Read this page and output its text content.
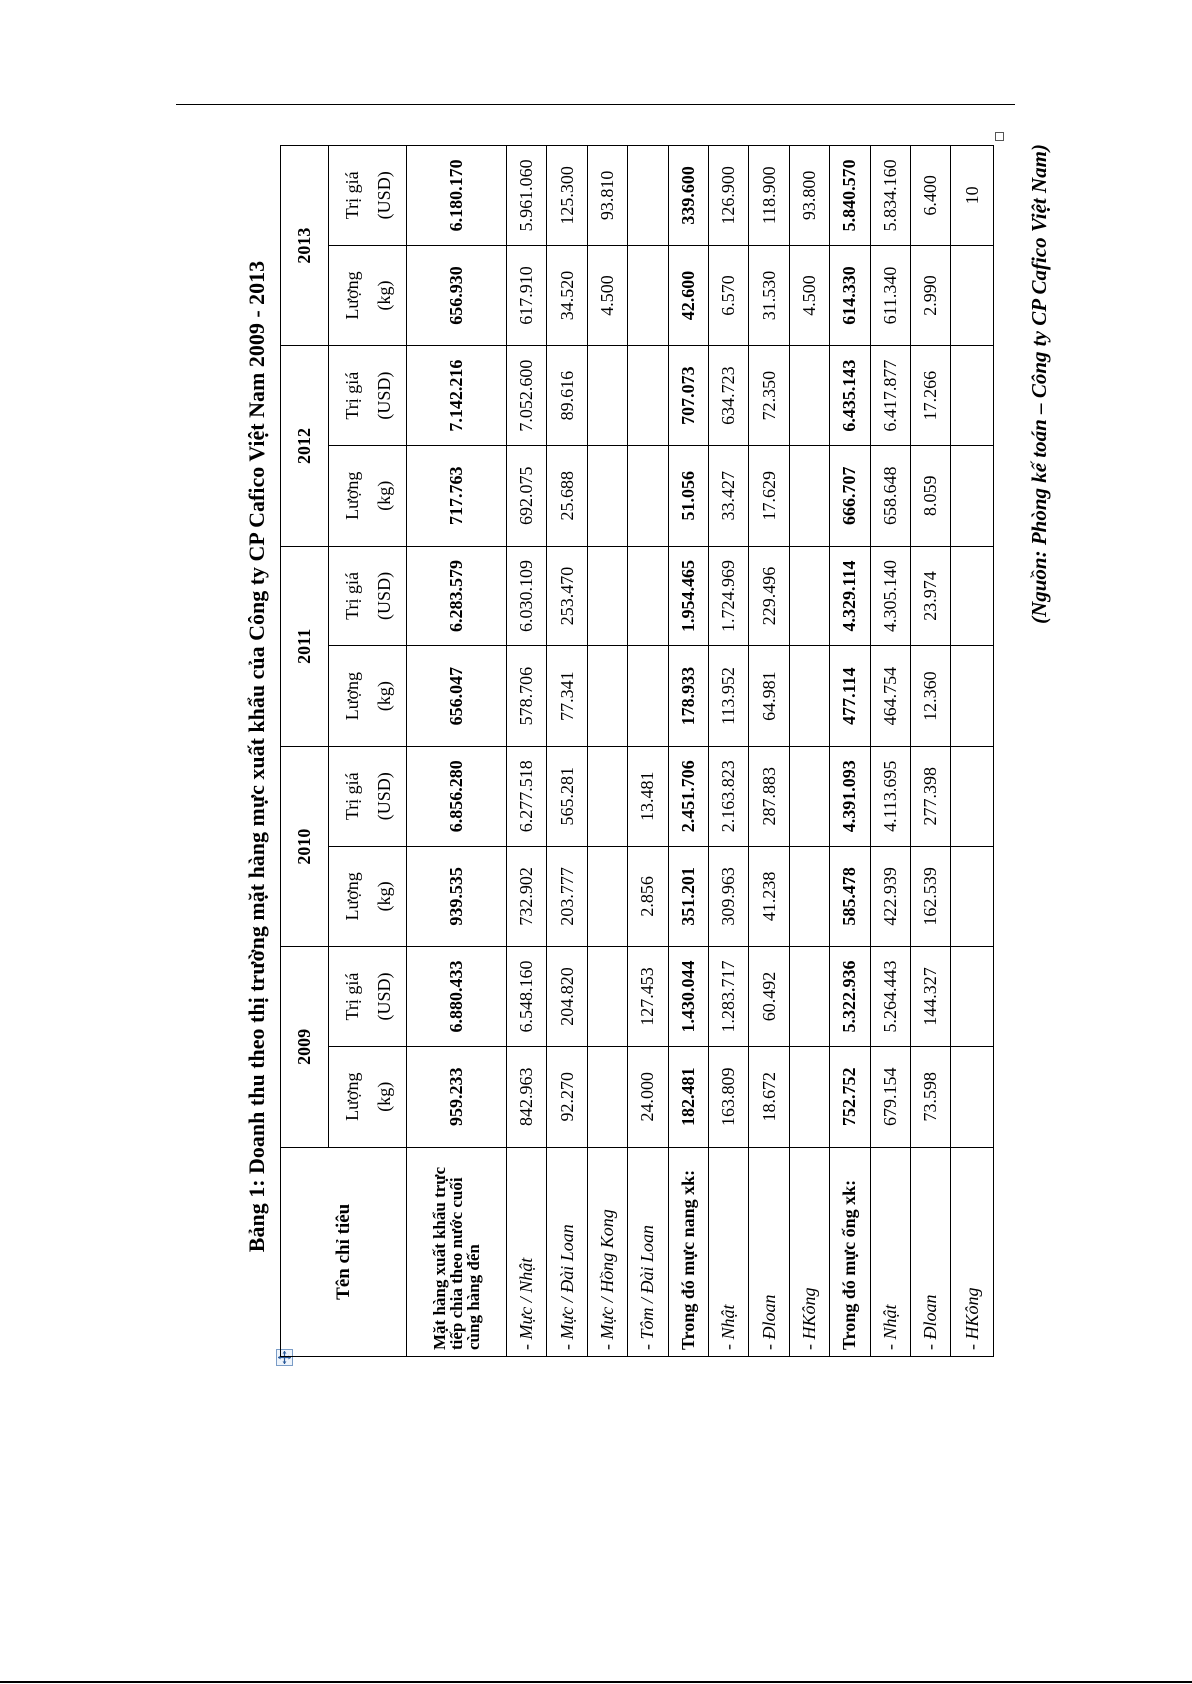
Bảng 1: Doanh thu theo thị trường mặt hàng mực xuất khẩu của Công ty CP Cafico Việt Nam 2009 - 2013	Tên chỉ tiêu	2009		2010		2011		2012		2013	
	Lượng (kg)	Trị giá (USD)	Lượng (kg)	Trị giá (USD)	Lượng (kg)	Trị giá (USD)	Lượng (kg)	Trị giá (USD)	Lượng (kg)	Trị giá (USD)
Mặt hàng xuất khẩu trực tiếp chia theo nước cuối cùng hàng đến	959.233	6.880.433	939.535	6.856.280	656.047	6.283.579	717.763	7.142.216	656.930	6.180.170
- Mực / Nhật	842.963	6.548.160	732.902	6.277.518	578.706	6.030.109	692.075	7.052.600	617.910	5.961.060
- Mực / Đài Loan	92.270	204.820	203.777	565.281	77.341	253.470	25.688	89.616	34.520	125.300
- Mực / Hồng Kong									4.500	93.810
- Tôm / Đài Loan	24.000	127.453	2.856	13.481						
Trong đó mực nang xk:	182.481	1.430.044	351.201	2.451.706	178.933	1.954.465	51.056	707.073	42.600	339.600
- Nhật	163.809	1.283.717	309.963	2.163.823	113.952	1.724.969	33.427	634.723	6.570	126.900
- Đloan	18.672	60.492	41.238	287.883	64.981	229.496	17.629	72.350	31.530	118.900
- HKông									4.500	93.800
Trong đó mực ống xk:	752.752	5.322.936	585.478	4.391.093	477.114	4.329.114	666.707	6.435.143	614.330	5.840.570
- Nhật	679.154	5.264.443	422.939	4.113.695	464.754	4.305.140	658.648	6.417.877	611.340	5.834.160
- Đloan	73.598	144.327	162.539	277.398	12.360	23.974	8.059	17.266	2.990	6.400
- HKông										10 (Nguồn: Phòng kế toán – Công ty CP Cafico Việt Nam)
